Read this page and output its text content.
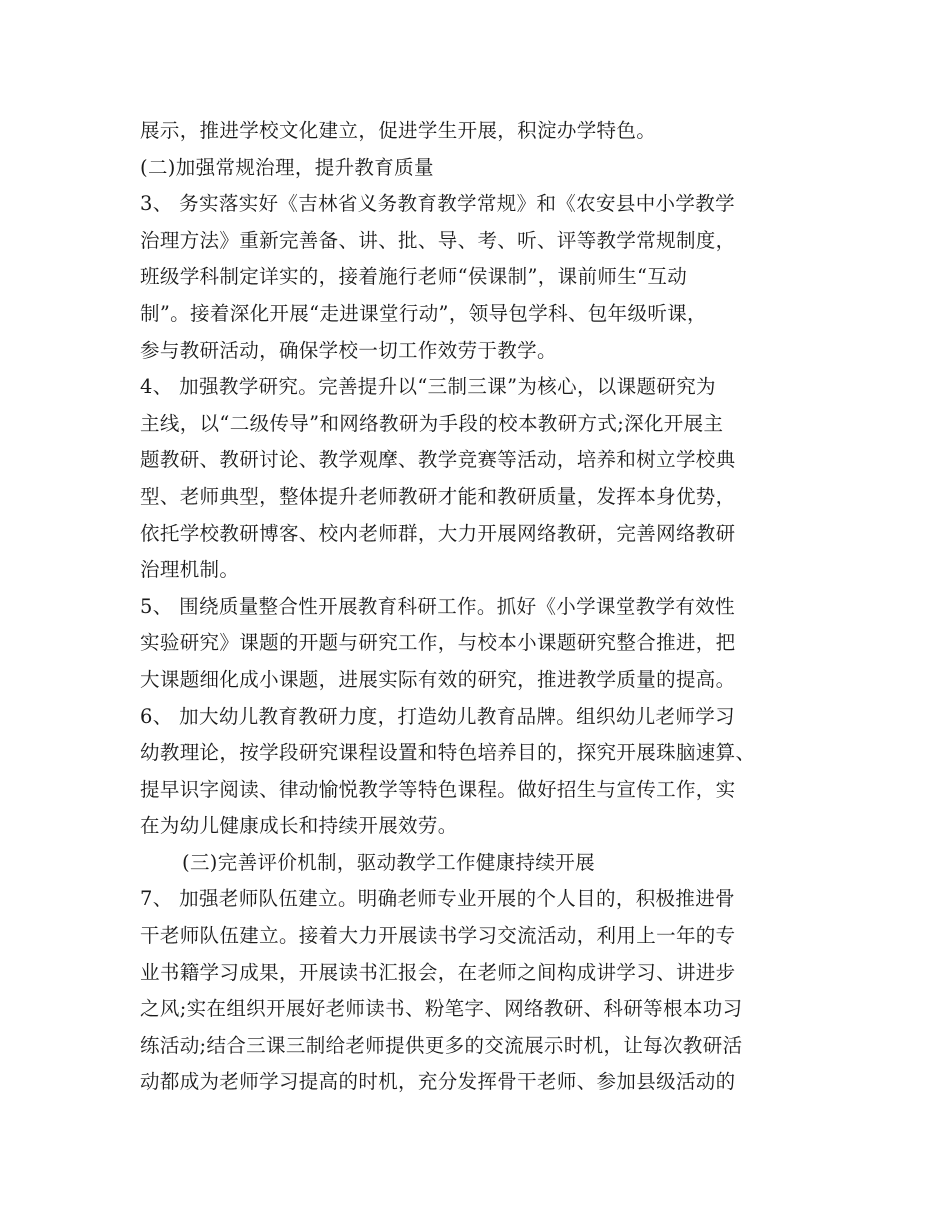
展示，推进学校文化建立，促进学生开展，积淀办学特色。
(二)加强常规治理，提升教育质量
3、 务实落实好《吉林省义务教育教学常规》和《农安县中小学教学
治理方法》重新完善备、讲、批、导、考、听、评等教学常规制度，
班级学科制定详实的，接着施行老师“侯课制”，课前师生“互动
制”。接着深化开展“走进课堂行动”，领导包学科、包年级听课，
参与教研活动，确保学校一切工作效劳于教学。
4、 加强教学研究。完善提升以“三制三课”为核心，以课题研究为
主线，以“二级传导”和网络教研为手段的校本教研方式;深化开展主
题教研、教研讨论、教学观摩、教学竞赛等活动，培养和树立学校典
型、老师典型，整体提升老师教研才能和教研质量，发挥本身优势，
依托学校教研博客、校内老师群，大力开展网络教研，完善网络教研
治理机制。
5、 围绕质量整合性开展教育科研工作。抓好《小学课堂教学有效性
实验研究》课题的开题与研究工作，与校本小课题研究整合推进，把
大课题细化成小课题，进展实际有效的研究，推进教学质量的提高。
6、 加大幼儿教育教研力度，打造幼儿教育品牌。组织幼儿老师学习
幼教理论，按学段研究课程设置和特色培养目的，探究开展珠脑速算、
提早识字阅读、律动愉悦教学等特色课程。做好招生与宣传工作，实
在为幼儿健康成长和持续开展效劳。
(三)完善评价机制，驱动教学工作健康持续开展
7、 加强老师队伍建立。明确老师专业开展的个人目的，积极推进骨
干老师队伍建立。接着大力开展读书学习交流活动，利用上一年的专
业书籍学习成果，开展读书汇报会，在老师之间构成讲学习、讲进步
之风;实在组织开展好老师读书、粉笔字、网络教研、科研等根本功习
练活动;结合三课三制给老师提供更多的交流展示时机，让每次教研活
动都成为老师学习提高的时机，充分发挥骨干老师、参加县级活动的
